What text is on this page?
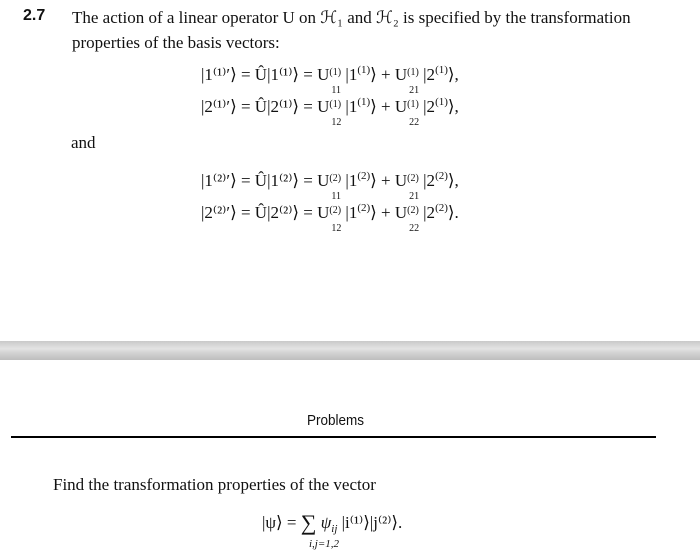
2.7 The action of a linear operator U on ℋ₁ and ℋ₂ is specified by the transformation properties of the basis vectors:
|1⁽¹⁾′⟩ = Û|1⁽¹⁾⟩ = U (1)
11
$|1^{(1)}⟩ + U$ (1)
21
|2$^{(1)}$⟩,
|2⁽¹⁾′⟩ = Û|2⁽¹⁾⟩ = U (1)
12
$|1^{(1)}⟩ + U$ (1)
22
|2$^{(1)}$⟩,
and
|1⁽²⁾′⟩ = Û|1⁽²⁾⟩ = U (2)
11
$|1^{(2)}⟩ + U$ (2)
21
|2$^{(2)}$⟩,
|2⁽²⁾′⟩ = Û|2⁽²⁾⟩ = U (2)
12
$|1^{(2)}⟩ + U$ (2)
22
|2$^{(2)}$⟩.
Problems
Find the transformation properties of the vector
|ψ⟩ = ∑ $\psi_{ij}$ |i⁽¹⁾⟩|j⁽²⁾⟩.
i,j=1,2
